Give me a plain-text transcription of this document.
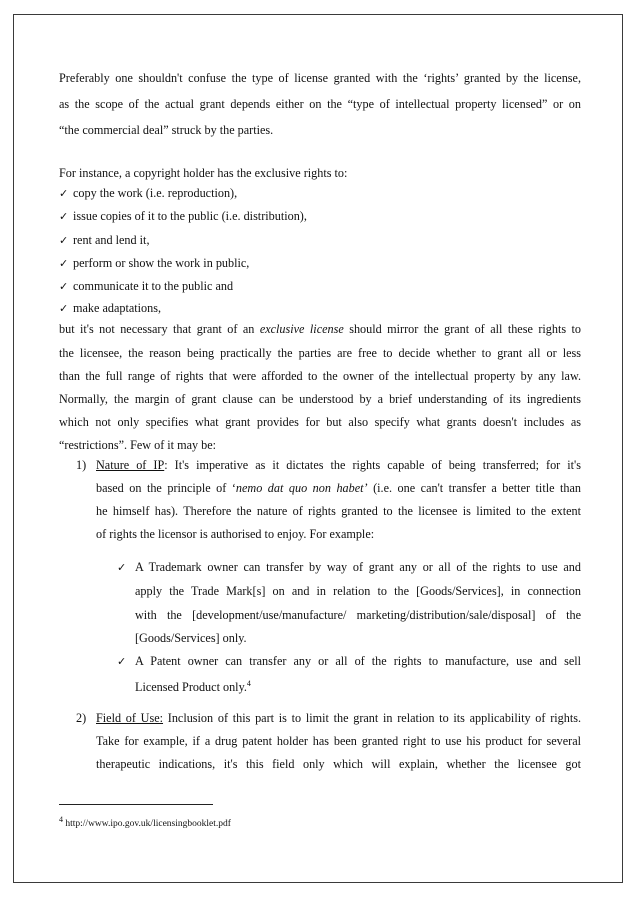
Preferably one shouldn't confuse the type of license granted with the ‘rights’ granted by the license,
as the scope of the actual grant depends either on the “type of intellectual property licensed” or on
“the commercial deal” struck by the parties.
For instance, a copyright holder has the exclusive rights to:
✓ copy the work (i.e. reproduction),
✓ issue copies of it to the public (i.e. distribution),
✓ rent and lend it,
✓ perform or show the work in public,
✓ communicate it to the public and
✓ make adaptations,
but it's not necessary that grant of an exclusive license should mirror the grant of all these rights to
the licensee, the reason being practically the parties are free to decide whether to grant all or less
than the full range of rights that were afforded to the owner of the intellectual property by any law.
Normally, the margin of grant clause can be understood by a brief understanding of its ingredients
which not only specifies what grant provides for but also specify what grants doesn't includes as
“restrictions”. Few of it may be:
1) Nature of IP: It's imperative as it dictates the rights capable of being transferred; for it's
based on the principle of ‘nemo dat quo non habet’ (i.e. one can't transfer a better title than
he himself has). Therefore the nature of rights granted to the licensee is limited to the extent
of rights the licensor is authorised to enjoy. For example:
✓ A Trademark owner can transfer by way of grant any or all of the rights to use and
apply the Trade Mark[s] on and in relation to the [Goods/Services], in connection
with the [development/use/manufacture/ marketing/distribution/sale/disposal] of the
[Goods/Services] only.
✓ A Patent owner can transfer any or all of the rights to manufacture, use and sell
Licensed Product only.$^4$
2) Field of Use: Inclusion of this part is to limit the grant in relation to its applicability of rights.
Take for example, if a drug patent holder has been granted right to use his product for several
therapeutic indications, it's this field only which will explain, whether the licensee got
$^4$ http://www.ipo.gov.uk/licensingbooklet.pdf
